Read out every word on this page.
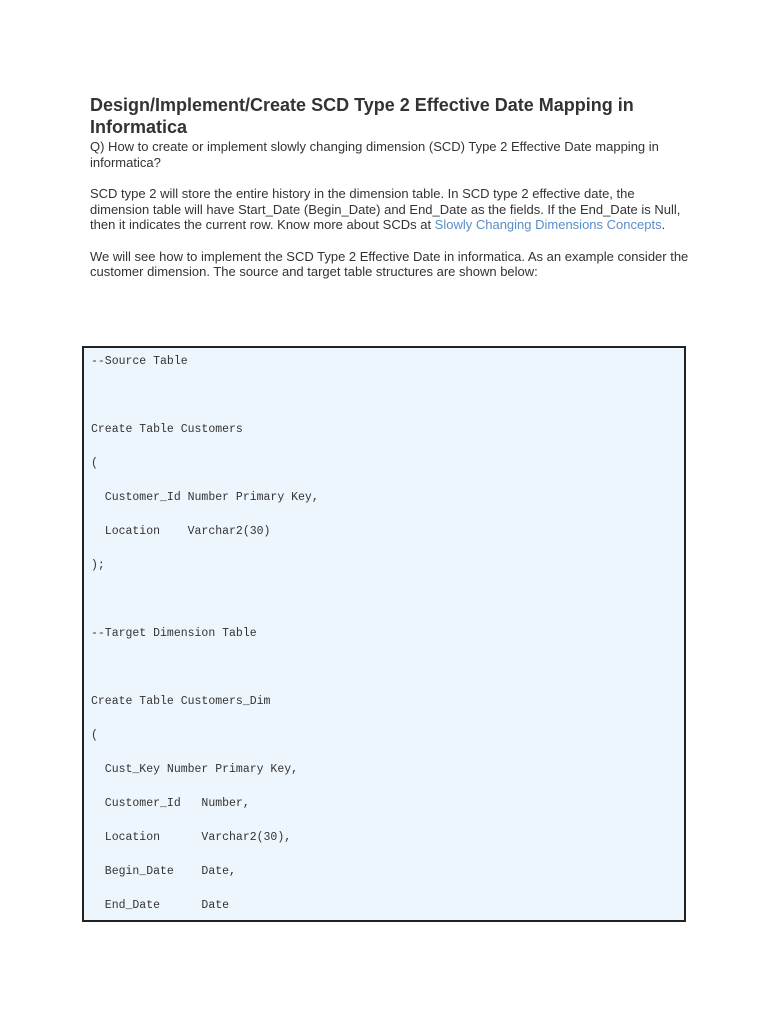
Design/Implement/Create SCD Type 2 Effective Date Mapping in Informatica

Q) How to create or implement slowly changing dimension (SCD) Type 2 Effective Date mapping in informatica?

SCD type 2 will store the entire history in the dimension table. In SCD type 2 effective date, the dimension table will have Start_Date (Begin_Date) and End_Date as the fields. If the End_Date is Null, then it indicates the current row. Know more about SCDs at Slowly Changing Dimensions Concepts.

We will see how to implement the SCD Type 2 Effective Date in informatica. As an example consider the customer dimension. The source and target table structures are shown below:

--Source Table
Create Table Customers
(
Customer_Id Number Primary Key,
Location    Varchar2(30)
);
--Target Dimension Table
Create Table Customers_Dim
(
Cust_Key Number Primary Key,
Customer_Id   Number,
Location      Varchar2(30),
Begin_Date    Date,
End_Date      Date
